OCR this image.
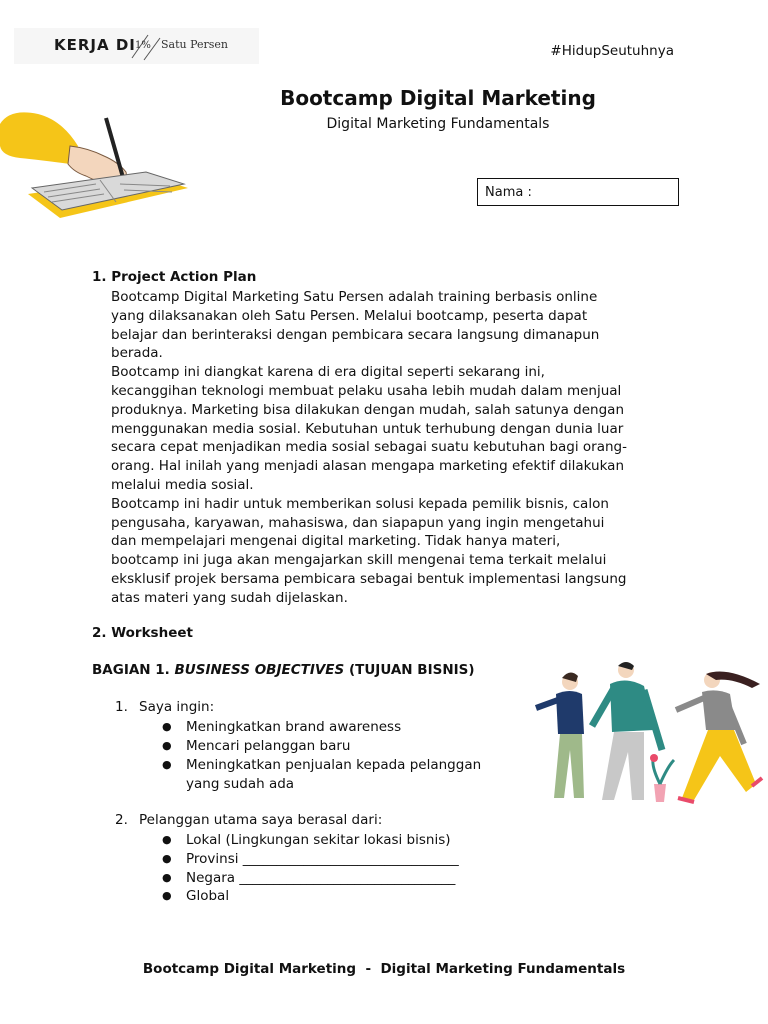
KERJA DI 1% Satu Persen	#HidupSeutuhnya
Bootcamp Digital Marketing
Digital Marketing Fundamentals
Nama :
1. Project Action Plan

Bootcamp Digital Marketing Satu Persen adalah training berbasis online yang dilaksanakan oleh Satu Persen. Melalui bootcamp, peserta dapat belajar dan berinteraksi dengan pembicara secara langsung dimanapun berada.

Bootcamp ini diangkat karena di era digital seperti sekarang ini, kecanggihan teknologi membuat pelaku usaha lebih mudah dalam menjual produknya. Marketing bisa dilakukan dengan mudah, salah satunya dengan menggunakan media sosial. Kebutuhan untuk terhubung dengan dunia luar secara cepat menjadikan media sosial sebagai suatu kebutuhan bagi orang-orang. Hal inilah yang menjadi alasan mengapa marketing efektif dilakukan melalui media sosial.

Bootcamp ini hadir untuk memberikan solusi kepada pemilik bisnis, calon pengusaha, karyawan, mahasiswa, dan siapapun yang ingin mengetahui dan mempelajari mengenai digital marketing. Tidak hanya materi, bootcamp ini juga akan mengajarkan skill mengenai tema terkait melalui eksklusif projek bersama pembicara sebagai bentuk implementasi langsung atas materi yang sudah dijelaskan.

2. Worksheet
BAGIAN 1. BUSINESS OBJECTIVES (TUJUAN BISNIS)
1. Saya ingin:
● Meningkatkan brand awareness
● Mencari pelanggan baru
● Meningkatkan penjualan kepada pelanggan yang sudah ada
2. Pelanggan utama saya berasal dari:
● Lokal (Lingkungan sekitar lokasi bisnis)
● Provinsi ________________________________
● Negara ________________________________
● Global
Bootcamp Digital Marketing  -  Digital Marketing Fundamentals
